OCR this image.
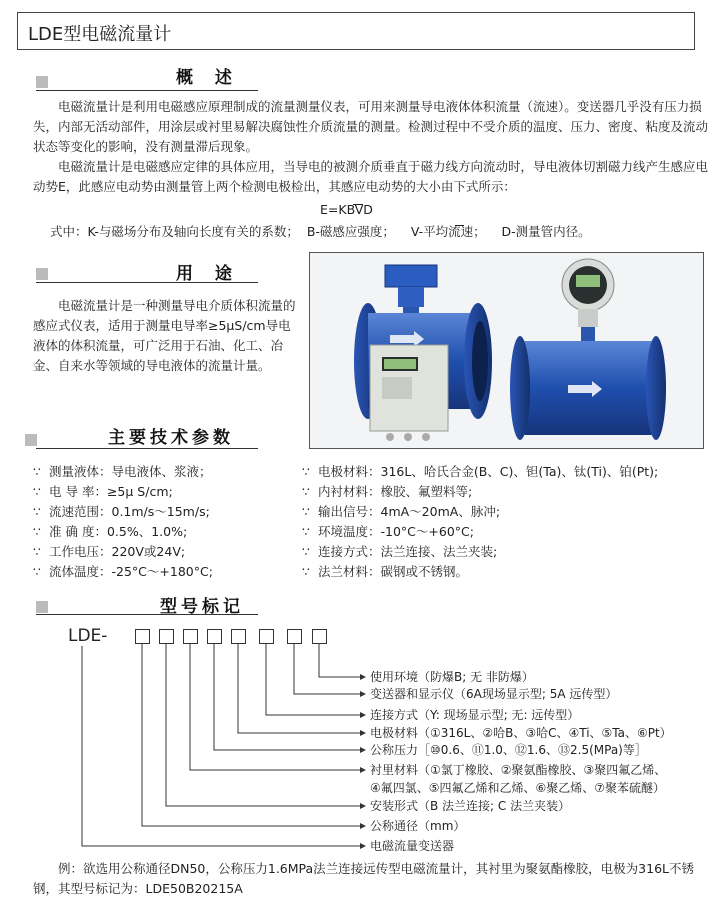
LDE型电磁流量计
概 述

电磁流量计是利用电磁感应原理制成的流量测量仪表，可用来测量导电液体体积流量（流速）。变送器几乎没有压力损失，内部无活动部件，用涂层或衬里易解决腐蚀性介质流量的测量。检测过程中不受介质的温度、压力、密度、粘度及流动状态等变化的影响，没有测量滞后现象。

电磁流量计是电磁感应定律的具体应用，当导电的被测介质垂直于磁力线方向流动时，导电液体切割磁力线产生感应电动势E，此感应电动势由测量管上两个检测电极检出，其感应电动势的大小由下式所示：

E=KBVD

式中：K-与磁场分布及轴向长度有关的系数；  B-磁感应强度；    V-平均流速；    D-测量管内径。

用 途

电磁流量计是一种测量导电介质体积流量的感应式仪表，适用于测量电导率≥5μS/cm导电液体的体积流量，可广泛用于石油、化工、冶金、自来水等领域的导电液体的流量计量。

主要技术参数
∵ 测量液体：导电液体、浆液；
∵ 电 导 率：≥5μ S/cm;
∵ 流速范围：0.1m/s～15m/s;
∵ 准 确 度：0.5%、1.0%;
∵ 工作电压：220V或24V;
∵ 流体温度：-25°C～+180°C;
∵ 电极材料：316L、哈氏合金(B、C)、钽(Ta)、钛(Ti)、铂(Pt);
∵ 内衬材料：橡胶、氟塑料等;
∵ 输出信号：4mA～20mA、脉冲;
∵ 环境温度：-10°C～+60°C;
∵ 连接方式：法兰连接、法兰夹装;
∵ 法兰材料：碳钢或不锈钢。
型号标记
LDE-
使用环境（防爆B; 无 非防爆）
变送器和显示仪（6A现场显示型; 5A 远传型）
连接方式（Y: 现场显示型; 无: 远传型）
电极材料（①316L、②哈B、③哈C、④Ti、⑤Ta、⑥Pt）
公称压力［⑩0.6、⑪1.0、⑫1.6、⑬2.5(MPa)等］
衬里材料（①氯丁橡胶、②聚氨酯橡胶、③聚四氟乙烯、
④氟四氯、⑤四氟乙烯和乙烯、⑥聚乙烯、⑦聚苯硫醚）
安装形式（B 法兰连接; C 法兰夹装）
公称通径（mm）
电磁流量变送器

例：欲选用公称通径DN50，公称压力1.6MPa法兰连接远传型电磁流量计，其衬里为聚氨酯橡胶，电极为316L不锈钢，其型号标记为：LDE50B20215A
